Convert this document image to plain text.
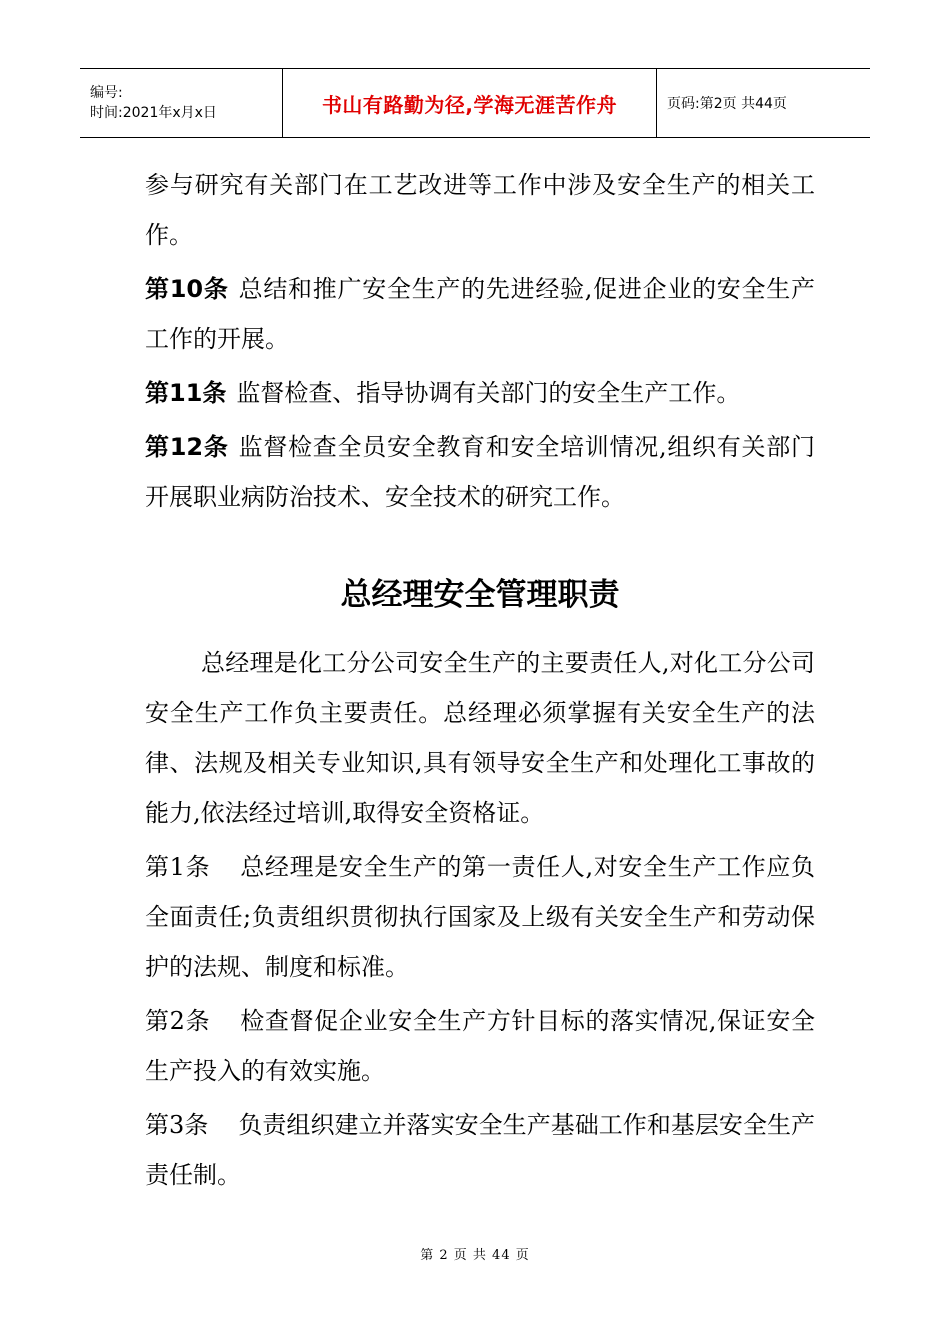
编号:
时间:2021年x月x日	书山有路勤为径,学海无涯苦作舟	页码:第2页 共44页

参与研究有关部门在工艺改进等工作中涉及安全生产的相关工作。

第10条 总结和推广安全生产的先进经验,促进企业的安全生产工作的开展。

第11条 监督检查、指导协调有关部门的安全生产工作。

第12条 监督检查全员安全教育和安全培训情况,组织有关部门开展职业病防治技术、安全技术的研究工作。

总经理安全管理职责

总经理是化工分公司安全生产的主要责任人,对化工分公司安全生产工作负主要责任。总经理必须掌握有关安全生产的法律、法规及相关专业知识,具有领导安全生产和处理化工事故的能力,依法经过培训,取得安全资格证。

第1条 总经理是安全生产的第一责任人,对安全生产工作应负全面责任;负责组织贯彻执行国家及上级有关安全生产和劳动保护的法规、制度和标准。

第2条 检查督促企业安全生产方针目标的落实情况,保证安全生产投入的有效实施。

第3条 负责组织建立并落实安全生产基础工作和基层安全生产责任制。

第 2 页 共 44 页
